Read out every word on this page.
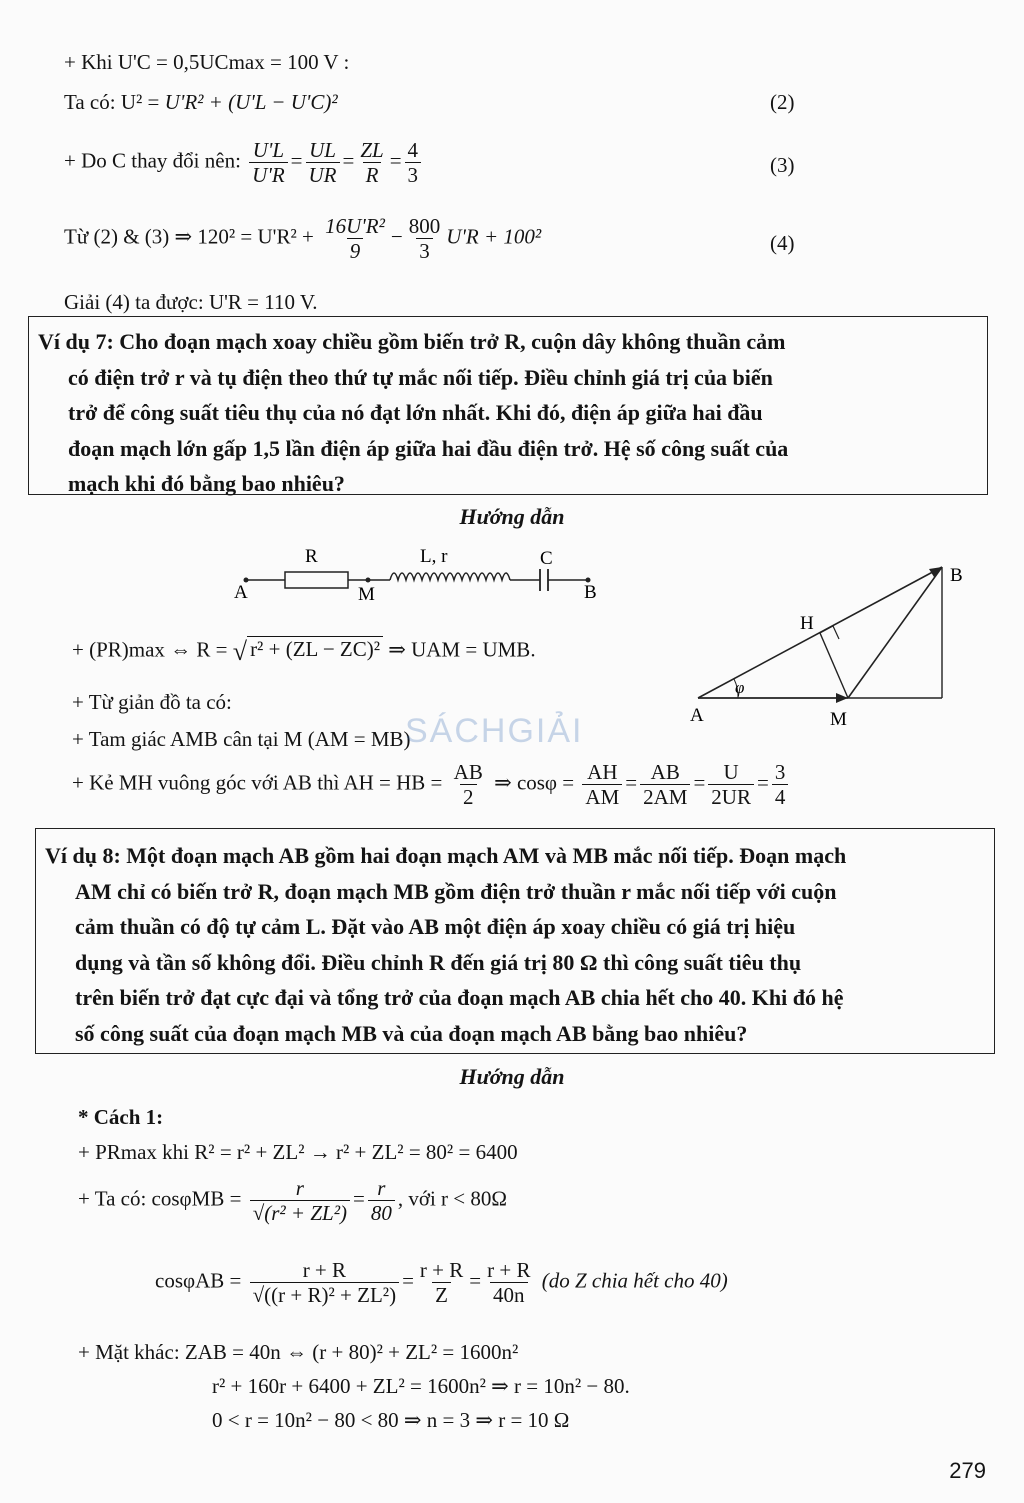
+ Khi U'C = 0,5UCmax = 100 V :
Ta có: U² = U'R² + (U'L − U'C)²	(2)
+ Do C thay đổi nên: $\frac{U'L}{U'R} = \frac{UL}{UR} = \frac{ZL}{R} = \frac{4}{3}$	(3)
Từ (2) & (3) ⇒ $120^2 = U'R^2 + \frac{\text{16U'R²}}{9} - \frac{800}{3} U'R + 100^2$	(4)
Giải (4) ta được: U'R = 110 V.
Ví dụ 7: Cho đoạn mạch xoay chiều gồm biến trở R, cuộn dây không thuần cảm
có điện trở r và tụ điện theo thứ tự mắc nối tiếp. Điều chỉnh giá trị của biến
trở để công suất tiêu thụ của nó đạt lớn nhất. Khi đó, điện áp giữa hai đầu
đoạn mạch lớn gấp 1,5 lần điện áp giữa hai đầu điện trở. Hệ số công suất của
mạch khi đó bằng bao nhiêu?
Hướng dẫn
R	L, r	C
A	M	B
φ
B
H
A	M
+ (PR)max ⇔ R = √ r² + (ZL − ZC)² ⇒ UAM = UMB.
+ Từ giản đồ ta có:
+ Tam giác AMB cân tại M (AM = MB)
+ Kẻ MH vuông góc với AB thì AH = HB = $\frac{AB}{2}$ ⇒ $\cos\varphi = \frac{AH}{AM} = \frac{AB}{2AM} = \frac{U}{2UR} = \frac{3}{4}$
SÁCHGIẢI
Ví dụ 8: Một đoạn mạch AB gồm hai đoạn mạch AM và MB mắc nối tiếp. Đoạn mạch
AM chỉ có biến trở R, đoạn mạch MB gồm điện trở thuần r mắc nối tiếp với cuộn
cảm thuần có độ tự cảm L. Đặt vào AB một điện áp xoay chiều có giá trị hiệu
dụng và tần số không đổi. Điều chỉnh R đến giá trị 80 Ω thì công suất tiêu thụ
trên biến trở đạt cực đại và tổng trở của đoạn mạch AB chia hết cho 40. Khi đó hệ
số công suất của đoạn mạch MB và của đoạn mạch AB bằng bao nhiêu?
Hướng dẫn
* Cách 1:
+ PRmax khi R² = r² + ZL² → r² + ZL² = 80² = 6400
+ Ta có: $\cos\varphi MB = \frac{r}{\text{√(r² + ZL²)}} = \frac{r}{80}$ , với r < 80Ω
$\cos\varphi AB = \frac{r + R}{\text{√((r + R)² + ZL²)}} = \frac{r + R}{Z} = \frac{r + R}{40n} (do$ Z chia hết cho 40)
+ Mặt khác: ZAB = 40n ⇔ (r + 80)² + ZL² = 1600n²
r² + 160r + 6400 + ZL² = 1600n² ⇒ r = 10n² − 80.
0 < r = 10n² − 80 < 80 ⇒ n = 3 ⇒ r = 10 Ω
279
